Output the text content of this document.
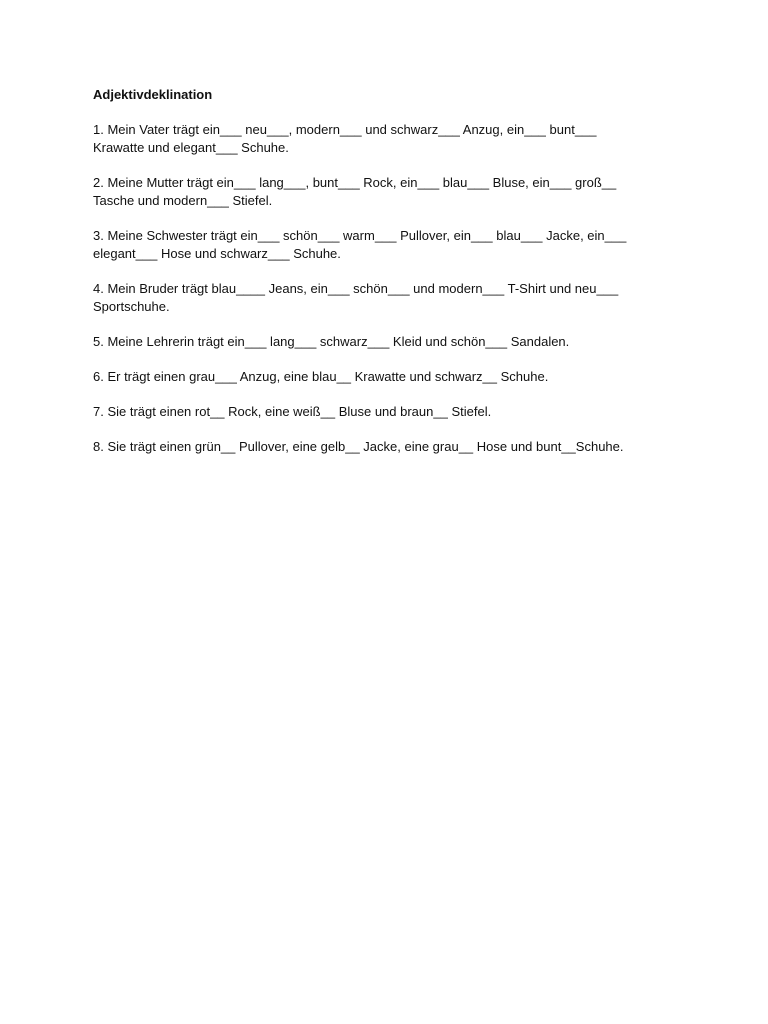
Adjektivdeklination
1. Mein Vater trägt ein___ neu___, modern___ und schwarz___ Anzug, ein___ bunt___
Krawatte und elegant___ Schuhe.
2. Meine Mutter trägt ein___ lang___, bunt___ Rock, ein___ blau___ Bluse, ein___ groß__
Tasche und modern___ Stiefel.
3. Meine Schwester trägt ein___ schön___ warm___ Pullover, ein___ blau___ Jacke, ein___
elegant___ Hose und schwarz___ Schuhe.
4. Mein Bruder trägt blau____ Jeans, ein___ schön___ und modern___ T-Shirt und neu___
Sportschuhe.
5. Meine Lehrerin trägt ein___ lang___ schwarz___ Kleid und schön___ Sandalen.
6. Er trägt einen grau___ Anzug, eine blau__ Krawatte und schwarz__ Schuhe.
7. Sie trägt einen rot__ Rock, eine weiß__ Bluse und braun__ Stiefel.
8. Sie trägt einen grün__ Pullover, eine gelb__ Jacke, eine grau__ Hose und bunt__Schuhe.
